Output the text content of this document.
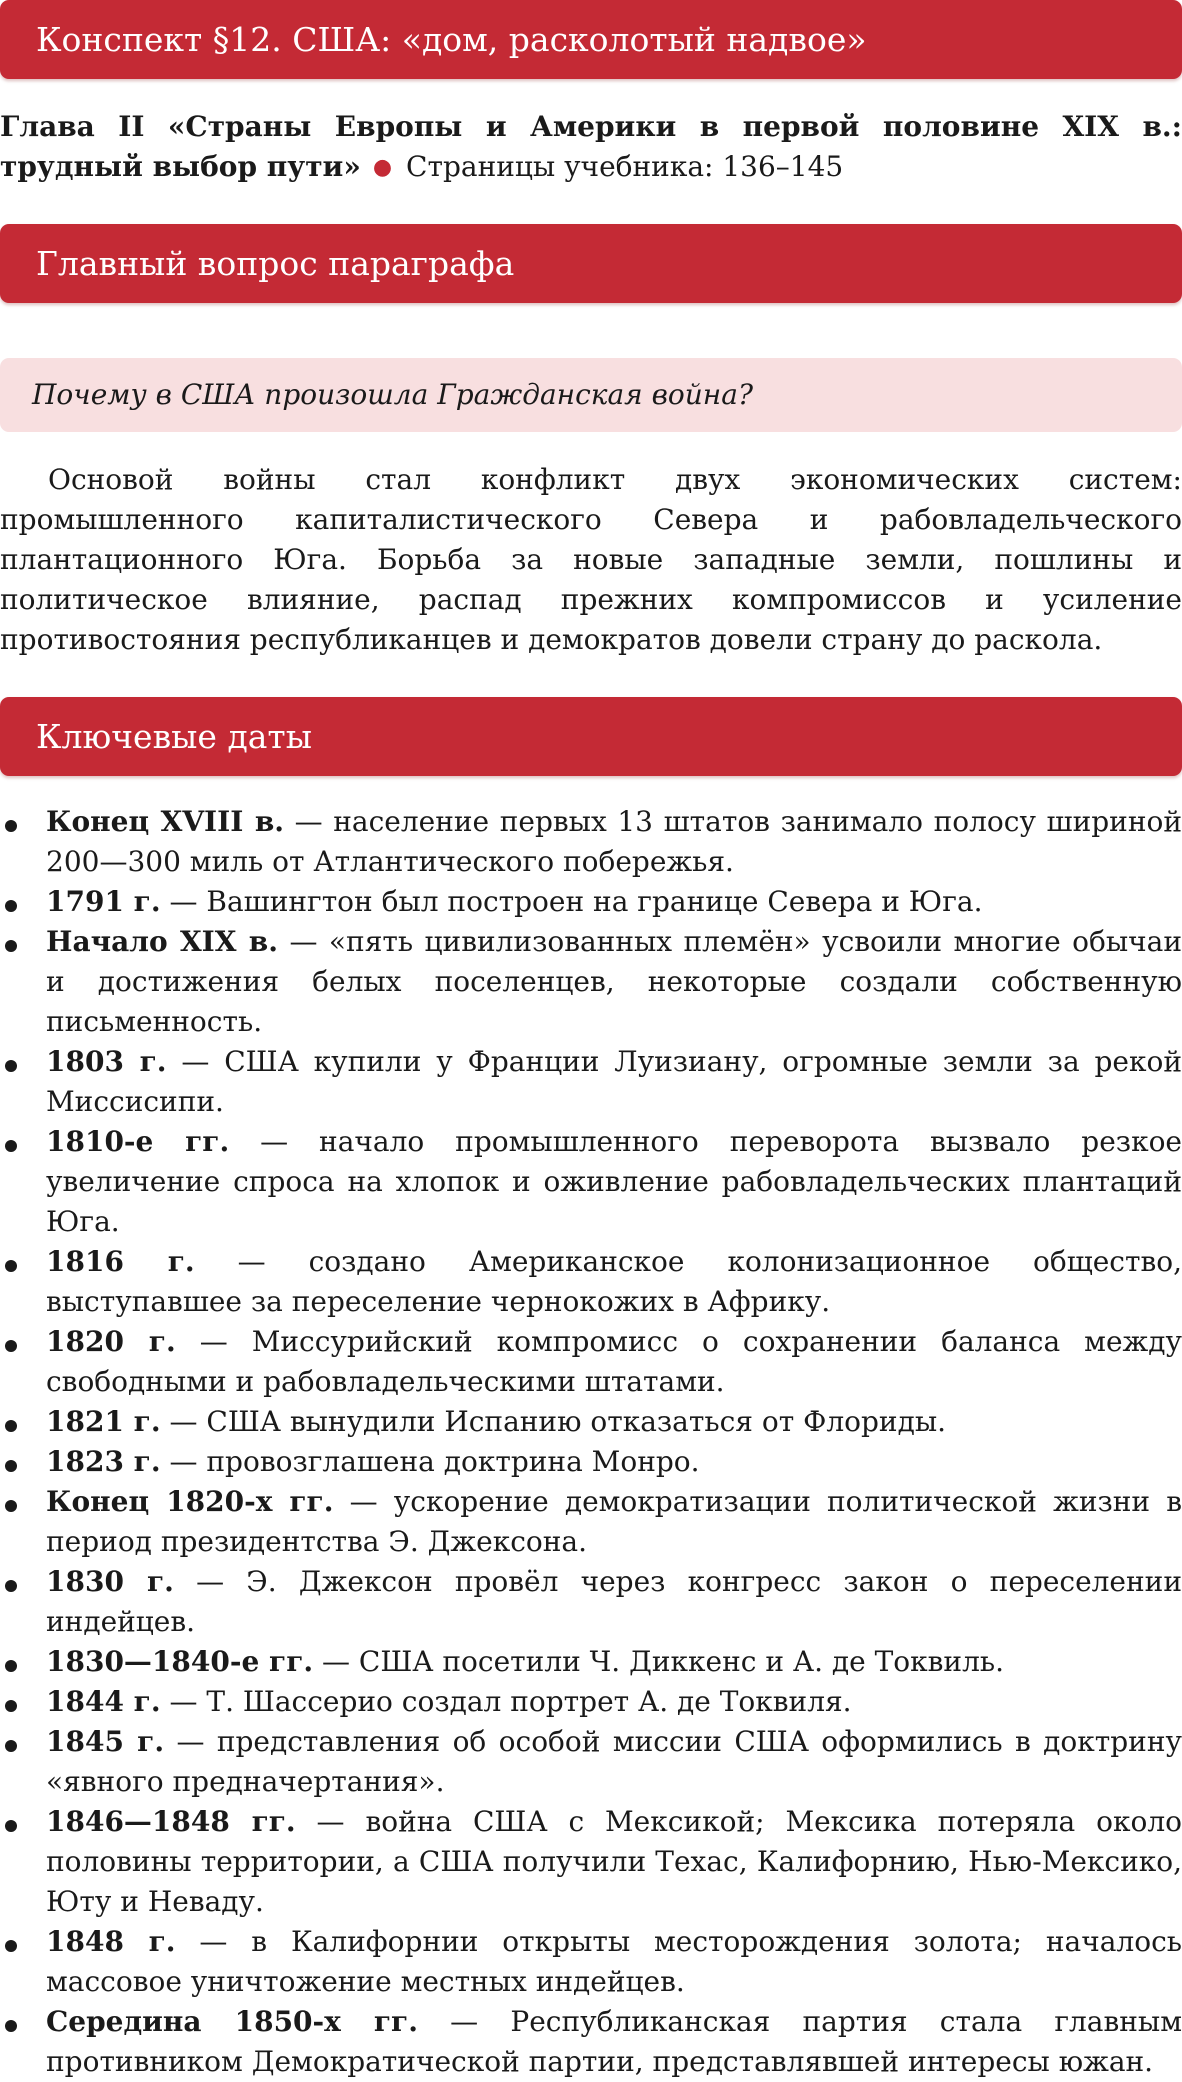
Конспект §12. США: «дом, расколотый надвое»
Глава II «Страны Европы и Америки в первой половине XIX в.: трудный выбор пути» ● Страницы учебника: 136–145
Главный вопрос параграфа
Почему в США произошла Гражданская война?

Основой войны стал конфликт двух экономических систем: промышленного капиталистического Севера и рабовладельческого плантационного Юга. Борьба за новые западные земли, пошлины и политическое влияние, распад прежних компромиссов и усиление противостояния республиканцев и демократов довели страну до раскола.

Ключевые даты
Конец XVIII в. — население первых 13 штатов занимало полосу шириной 200—300 миль от Атлантического побережья.
1791 г. — Вашингтон был построен на границе Севера и Юга.
Начало XIX в. — «пять цивилизованных племён» усвоили многие обычаи и достижения белых поселенцев, некоторые создали собственную письменность.
1803 г. — США купили у Франции Луизиану, огромные земли за рекой Миссисипи.
1810-е гг. — начало промышленного переворота вызвало резкое увеличение спроса на хлопок и оживление рабовладельческих плантаций Юга.
1816 г. — создано Американское колонизационное общество, выступавшее за переселение чернокожих в Африку.
1820 г. — Миссурийский компромисс о сохранении баланса между свободными и рабовладельческими штатами.
1821 г. — США вынудили Испанию отказаться от Флориды.
1823 г. — провозглашена доктрина Монро.
Конец 1820-х гг. — ускорение демократизации политической жизни в период президентства Э. Джексона.
1830 г. — Э. Джексон провёл через конгресс закон о переселении индейцев.
1830—1840-е гг. — США посетили Ч. Диккенс и А. де Токвиль.
1844 г. — Т. Шассерио создал портрет А. де Токвиля.
1845 г. — представления об особой миссии США оформились в доктрину «явного предначертания».
1846—1848 гг. — война США с Мексикой; Мексика потеряла около половины территории, а США получили Техас, Калифорнию, Нью-Мексико, Юту и Неваду.
1848 г. — в Калифорнии открыты месторождения золота; началось массовое уничтожение местных индейцев.
Середина 1850-х гг. — Республиканская партия стала главным противником Демократической партии, представлявшей интересы южан.
